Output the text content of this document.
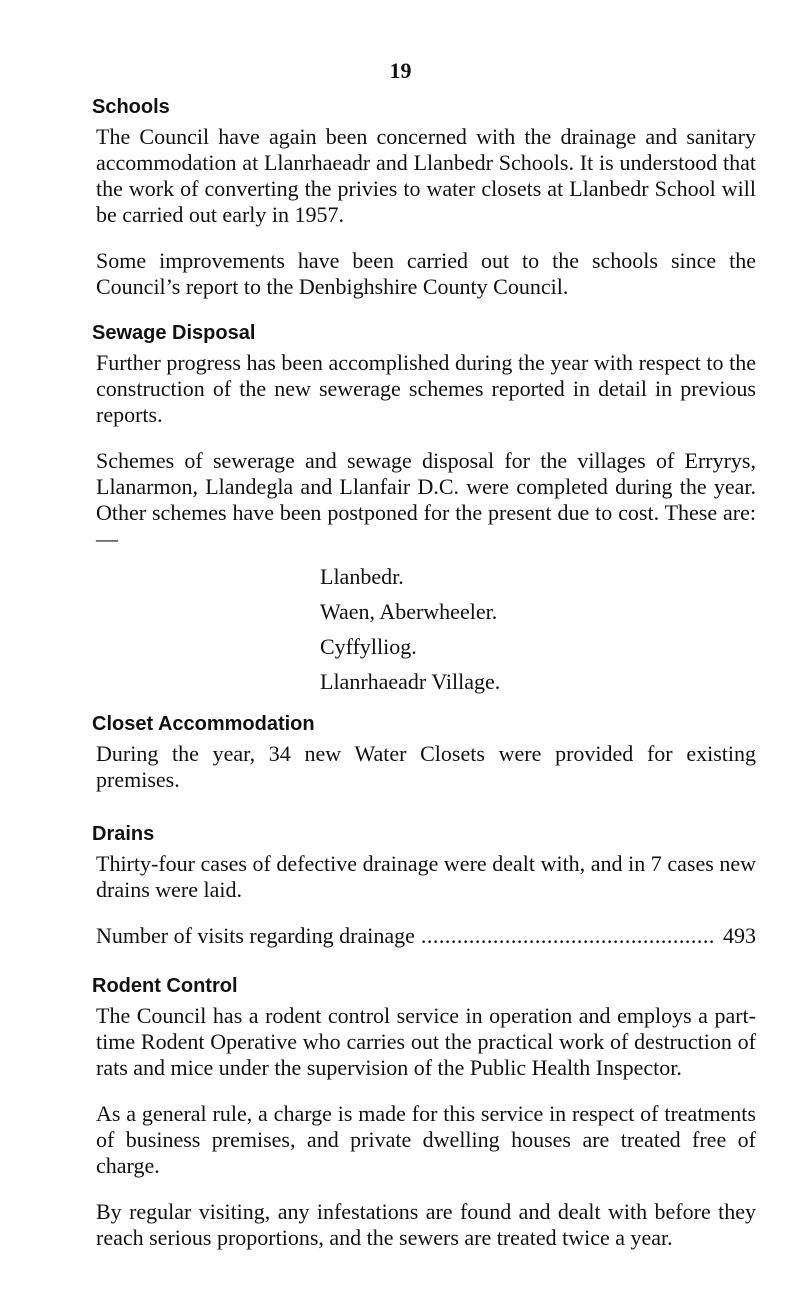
19
Schools

The Council have again been concerned with the drainage and sanitary accommodation at Llanrhaeadr and Llanbedr Schools. It is understood that the work of converting the privies to water closets at Llanbedr School will be carried out early in 1957.

Some improvements have been carried out to the schools since the Council’s report to the Denbighshire County Council.

Sewage Disposal

Further progress has been accomplished during the year with respect to the construction of the new sewerage schemes reported in detail in previous reports.

Schemes of sewerage and sewage disposal for the villages of Erryrys, Llanarmon, Llandegla and Llanfair D.C. were completed during the year. Other schemes have been postponed for the present due to cost. These are:—

Llanbedr.
Waen, Aberwheeler.
Cyffylliog.
Llanrhaeadr Village.
Closet Accommodation

During the year, 34 new Water Closets were provided for existing premises.

Drains

Thirty-four cases of defective drainage were dealt with, and in 7 cases new drains were laid.

Number of visits regarding drainage
.....	493
Rodent Control

The Council has a rodent control service in operation and employs a part-time Rodent Operative who carries out the practical work of destruction of rats and mice under the supervision of the Public Health Inspector.

As a general rule, a charge is made for this service in respect of treatments of business premises, and private dwelling houses are treated free of charge.

By regular visiting, any infestations are found and dealt with before they reach serious proportions, and the sewers are treated twice a year.
